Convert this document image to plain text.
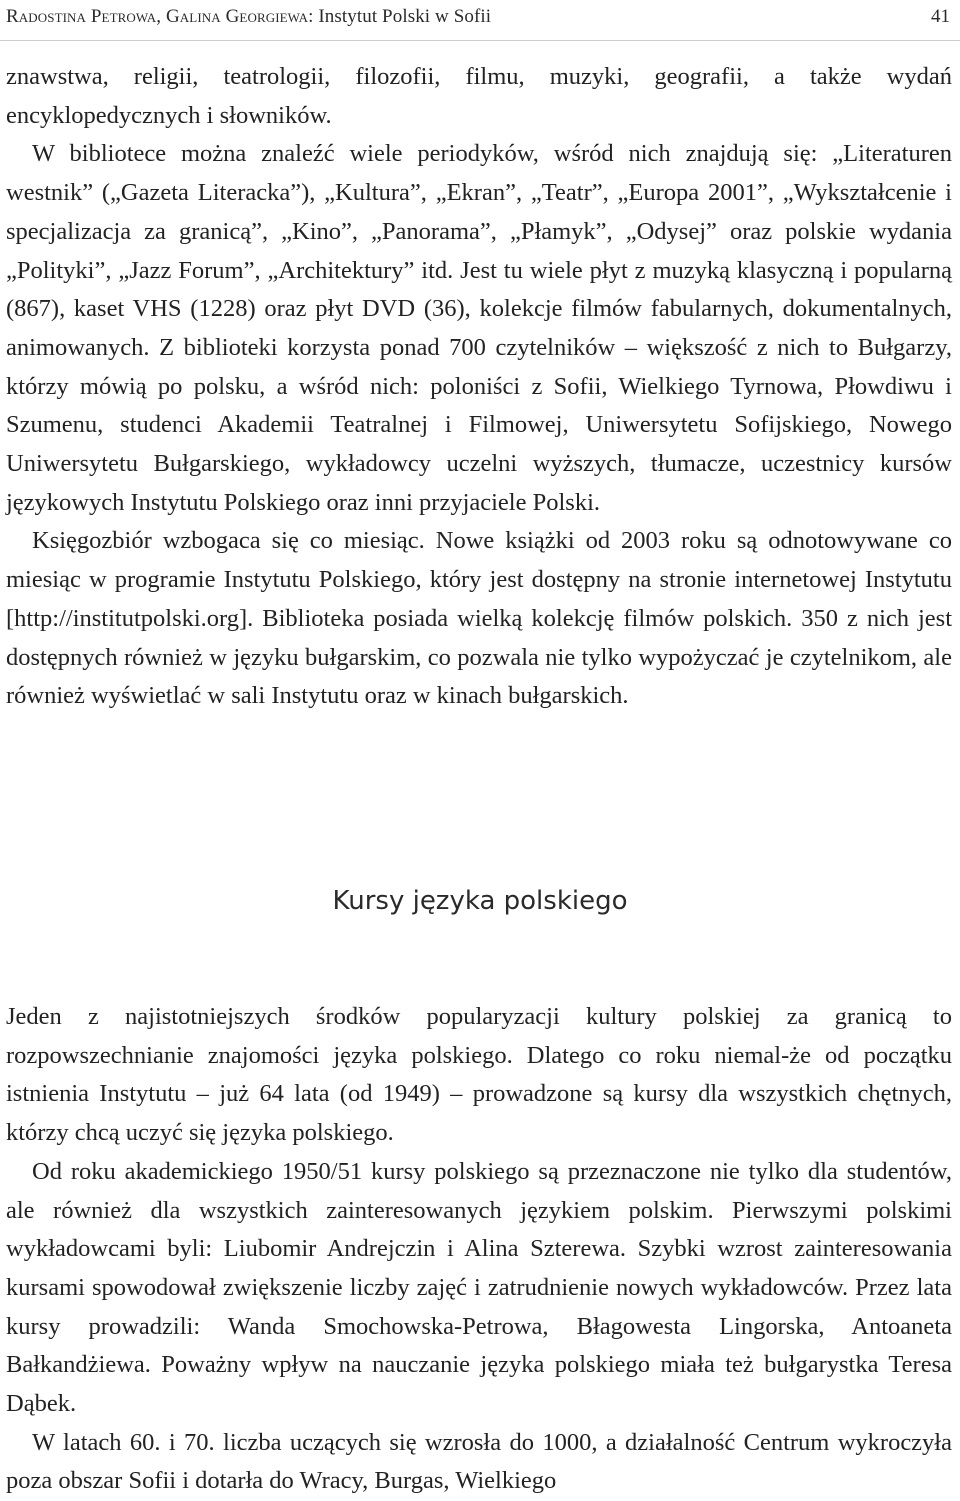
Radostina Petrowa, Galina Georgiewa: Instytut Polski w Sofii	41

znawstwa, religii, teatrologii, filozofii, filmu, muzyki, geografii, a także wydań encyklopedycznych i słowników.

W bibliotece można znaleźć wiele periodyków, wśród nich znajdują się: „Literaturen westnik” („Gazeta Literacka”), „Kultura”, „Ekran”, „Teatr”, „Europa 2001”, „Wykształcenie i specjalizacja za granicą”, „Kino”, „Panorama”, „Płamyk”, „Odysej” oraz polskie wydania „Polityki”, „Jazz Forum”, „Architektury” itd. Jest tu wiele płyt z muzyką klasyczną i popularną (867), kaset VHS (1228) oraz płyt DVD (36), kolekcje filmów fabularnych, dokumentalnych, animowanych. Z biblioteki korzysta ponad 700 czytelników – większość z nich to Bułgarzy, którzy mówią po polsku, a wśród nich: poloniści z Sofii, Wielkiego Tyrnowa, Płowdiwu i Szumenu, studenci Akademii Teatralnej i Filmowej, Uniwersytetu Sofijskiego, Nowego Uniwersytetu Bułgarskiego, wykładowcy uczelni wyższych, tłumacze, uczestnicy kursów językowych Instytutu Polskiego oraz inni przyjaciele Polski.

Księgozbiór wzbogaca się co miesiąc. Nowe książki od 2003 roku są odnotowywane co miesiąc w programie Instytutu Polskiego, który jest dostępny na stronie internetowej Instytutu [http://institutpolski.org]. Biblioteka posiada wielką kolekcję filmów polskich. 350 z nich jest dostępnych również w języku bułgarskim, co pozwala nie tylko wypożyczać je czytelnikom, ale również wyświetlać w sali Instytutu oraz w kinach bułgarskich.

Kursy języka polskiego

Jeden z najistotniejszych środków popularyzacji kultury polskiej za granicą to rozpowszechnianie znajomości języka polskiego. Dlatego co roku niemal-że od początku istnienia Instytutu – już 64 lata (od 1949) – prowadzone są kursy dla wszystkich chętnych, którzy chcą uczyć się języka polskiego.

Od roku akademickiego 1950/51 kursy polskiego są przeznaczone nie tylko dla studentów, ale również dla wszystkich zainteresowanych językiem polskim. Pierwszymi polskimi wykładowcami byli: Liubomir Andrejczin i Alina Szterewa. Szybki wzrost zainteresowania kursami spowodował zwiększenie liczby zajęć i zatrudnienie nowych wykładowców. Przez lata kursy prowadzili: Wanda Smochowska-Petrowa, Błagowesta Lingorska, Antoaneta Bałkandżiewa. Poważny wpływ na nauczanie języka polskiego miała też bułgarystka Teresa Dąbek.

W latach 60. i 70. liczba uczących się wzrosła do 1000, a działalność Centrum wykroczyła poza obszar Sofii i dotarła do Wracy, Burgas, Wielkiego
